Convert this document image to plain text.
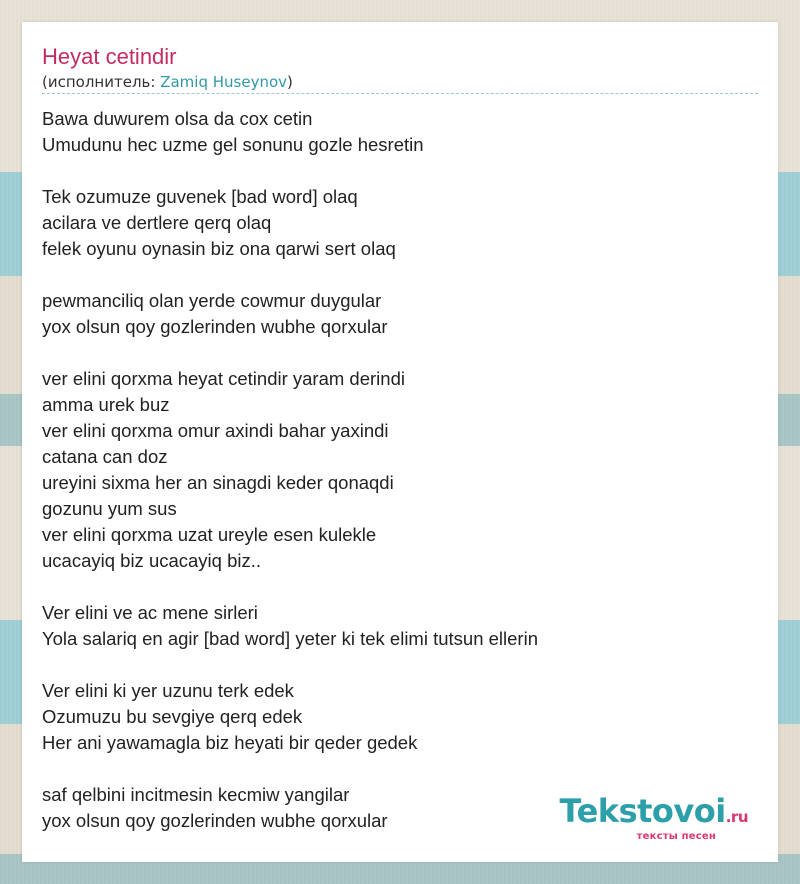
Heyat cetindir
(исполнитель: Zamiq Huseynov)
Bawa duwurem olsa da cox cetin
Umudunu hec uzme gel sonunu gozle hesretin
Tek ozumuze guvenek [bad word] olaq
acilara ve dertlere qerq olaq
felek oyunu oynasin biz ona qarwi sert olaq
pewmanciliq olan yerde cowmur duygular
yox olsun qoy gozlerinden wubhe qorxular
ver elini qorxma heyat cetindir yaram derindi
amma urek buz
ver elini qorxma omur axindi bahar yaxindi
catana can doz
ureyini sixma her an sinagdi keder qonaqdi
gozunu yum sus
ver elini qorxma uzat ureyle esen kulekle
ucacayiq biz ucacayiq biz..
Ver elini ve ac mene sirleri
Yola salariq en agir [bad word] yeter ki tek elimi tutsun ellerin
Ver elini ki yer uzunu terk edek
Ozumuzu bu sevgiye qerq edek
Her ani yawamagla biz heyati bir qeder gedek
saf qelbini incitmesin kecmiw yangilar
yox olsun qoy gozlerinden wubhe qorxular	Tekstovoi.ru
тексты песен
